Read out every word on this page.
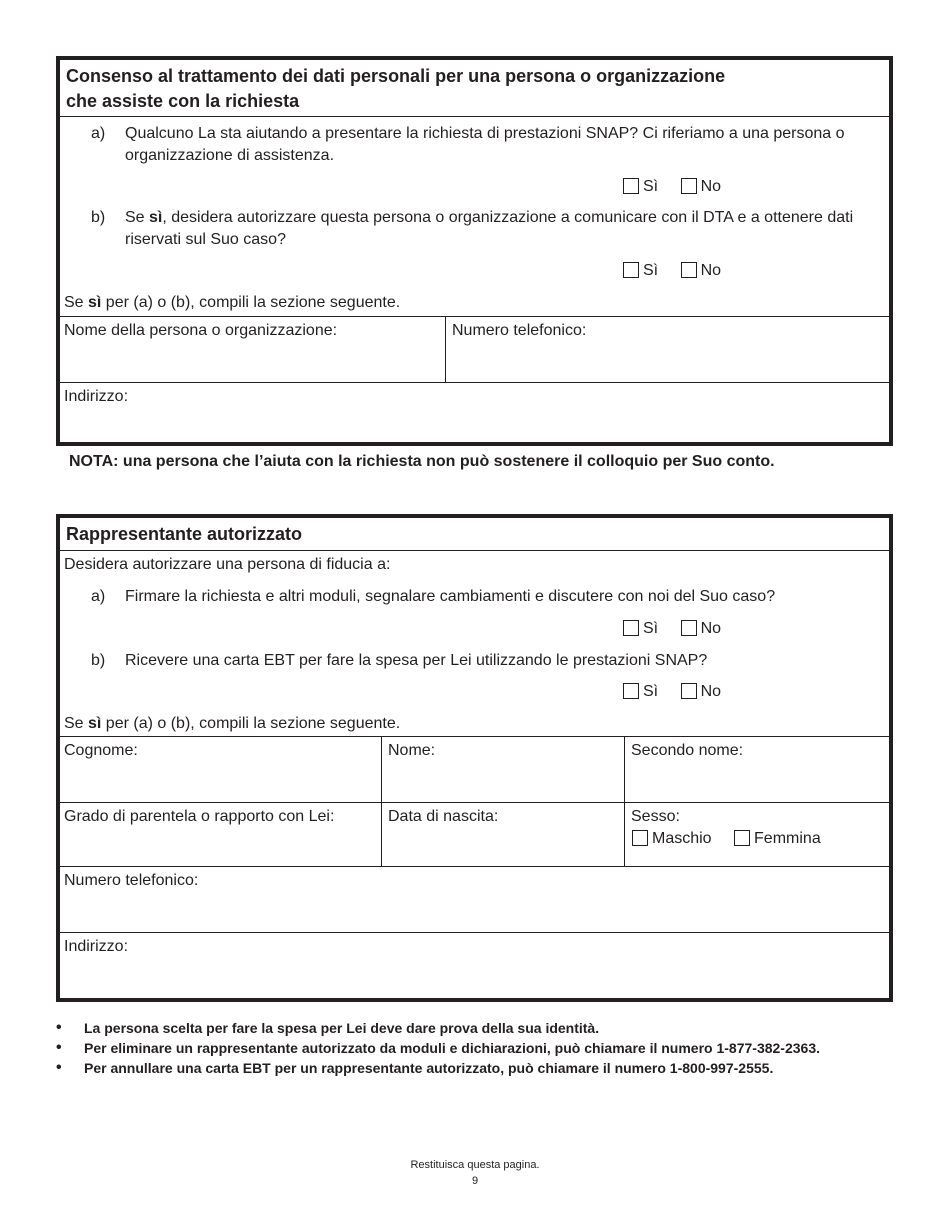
Consenso al trattamento dei dati personali per una persona o organizzazione
che assiste con la richiesta
a)	Qualcuno La sta aiutando a presentare la richiesta di prestazioni SNAP? Ci riferiamo a una persona o organizzazione di assistenza.
Sì	No
b)	Se sì, desidera autorizzare questa persona o organizzazione a comunicare con il DTA e a ottenere dati riservati sul Suo caso?
Sì	No
Se sì per (a) o (b), compili la sezione seguente.
Nome della persona o organizzazione:	Numero telefonico:
Indirizzo:
NOTA: una persona che l’aiuta con la richiesta non può sostenere il colloquio per Suo conto.
Rappresentante autorizzato
Desidera autorizzare una persona di fiducia a:
a)	Firmare la richiesta e altri moduli, segnalare cambiamenti e discutere con noi del Suo caso?
Sì	No
b)	Ricevere una carta EBT per fare la spesa per Lei utilizzando le prestazioni SNAP?
Sì	No
Se sì per (a) o (b), compili la sezione seguente.
Cognome:	Nome:	Secondo nome:
Grado di parentela o rapporto con Lei:	Data di nascita:	Sesso:
Maschio	Femmina
Numero telefonico:
Indirizzo:
• La persona scelta per fare la spesa per Lei deve dare prova della sua identità.
• Per eliminare un rappresentante autorizzato da moduli e dichiarazioni, può chiamare il numero 1-877-382-2363.
• Per annullare una carta EBT per un rappresentante autorizzato, può chiamare il numero 1-800-997-2555.
Restituisca questa pagina.
9
